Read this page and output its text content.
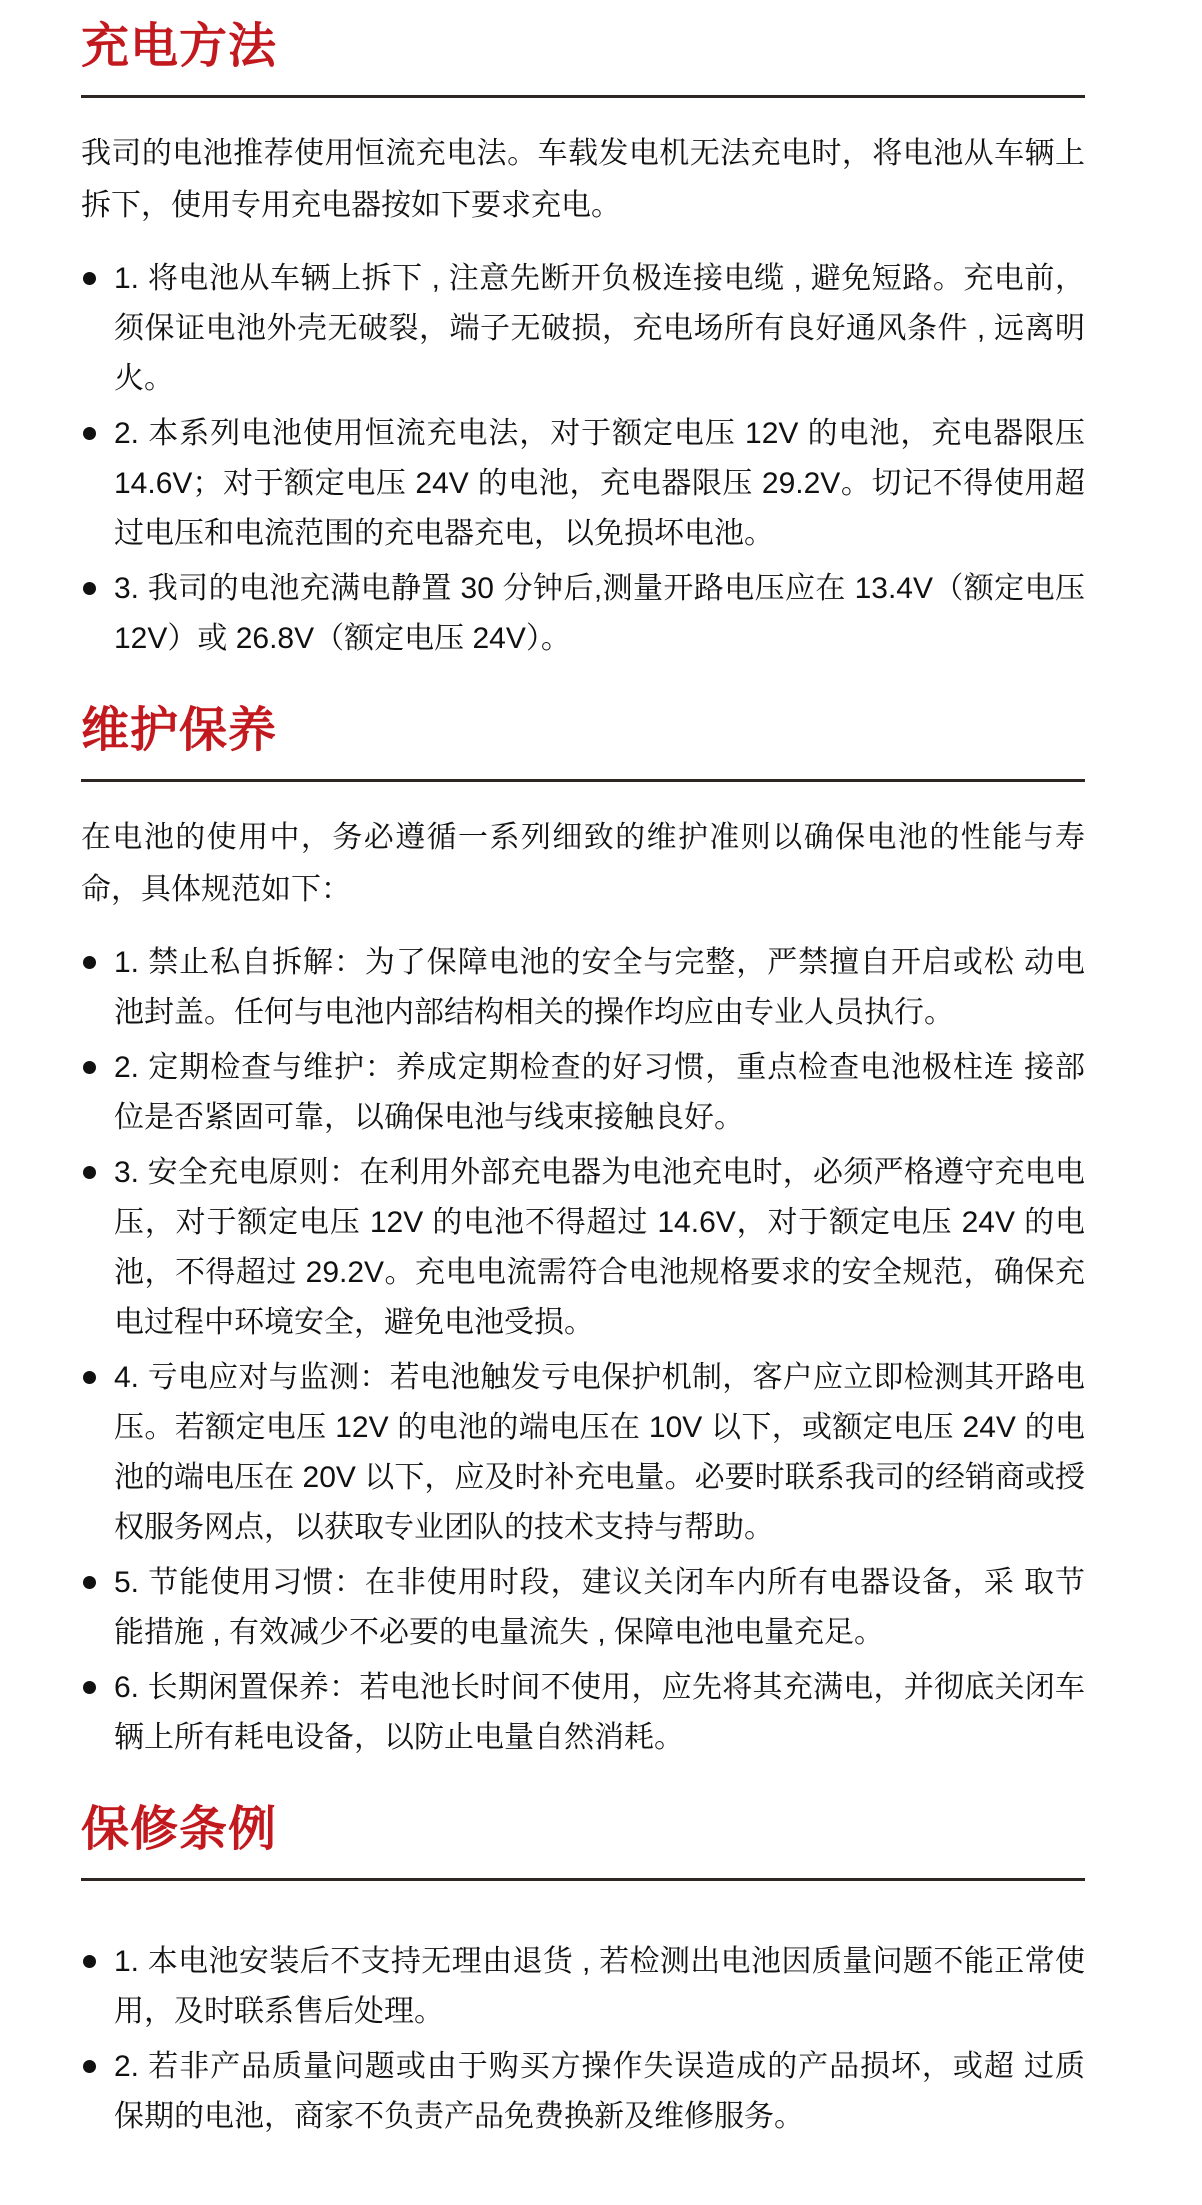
充电方法

我司的电池推荐使用恒流充电法。车载发电机无法充电时，将电池从车辆上拆下，使用专用充电器按如下要求充电。

1. 将电池从车辆上拆下 , 注意先断开负极连接电缆 , 避免短路。充电前，须保证电池外壳无破裂，端子无破损，充电场所有良好通风条件 , 远离明火。
2. 本系列电池使用恒流充电法，对于额定电压 12V 的电池，充电器限压 14.6V；对于额定电压 24V 的电池，充电器限压 29.2V。切记不得使用超过电压和电流范围的充电器充电，以免损坏电池。
3. 我司的电池充满电静置 30 分钟后,测量开路电压应在 13.4V（额定电压 12V）或 26.8V（额定电压 24V）。
维护保养

在电池的使用中，务必遵循一系列细致的维护准则以确保电池的性能与寿命，具体规范如下：

1. 禁止私自拆解：为了保障电池的安全与完整，严禁擅自开启或松 动电池封盖。任何与电池内部结构相关的操作均应由专业人员执行。
2. 定期检查与维护：养成定期检查的好习惯，重点检查电池极柱连 接部位是否紧固可靠，以确保电池与线束接触良好。
3. 安全充电原则：在利用外部充电器为电池充电时，必须严格遵守充电电压，对于额定电压 12V 的电池不得超过 14.6V，对于额定电压 24V 的电池，不得超过 29.2V。充电电流需符合电池规格要求的安全规范，确保充电过程中环境安全，避免电池受损。
4. 亏电应对与监测：若电池触发亏电保护机制，客户应立即检测其开路电压。若额定电压 12V 的电池的端电压在 10V 以下，或额定电压 24V 的电池的端电压在 20V 以下，应及时补充电量。必要时联系我司的经销商或授权服务网点，以获取专业团队的技术支持与帮助。
5. 节能使用习惯：在非使用时段，建议关闭车内所有电器设备，采 取节能措施 , 有效减少不必要的电量流失 , 保障电池电量充足。
6. 长期闲置保养：若电池长时间不使用，应先将其充满电，并彻底关闭车辆上所有耗电设备，以防止电量自然消耗。
保修条例
1. 本电池安装后不支持无理由退货 , 若检测出电池因质量问题不能正常使用，及时联系售后处理。
2. 若非产品质量问题或由于购买方操作失误造成的产品损坏，或超 过质保期的电池，商家不负责产品免费换新及维修服务。
